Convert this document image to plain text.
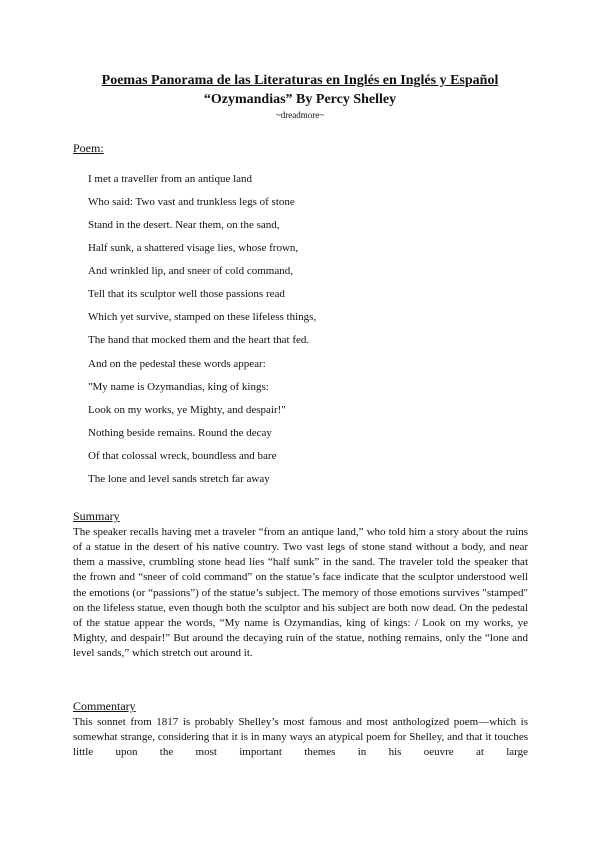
Poemas Panorama de las Literaturas en Inglés en Inglés y Español
“Ozymandias” By Percy Shelley
~dreadmore~
Poem:
I met a traveller from an antique land
Who said: Two vast and trunkless legs of stone
Stand in the desert. Near them, on the sand,
Half sunk, a shattered visage lies, whose frown,
And wrinkled lip, and sneer of cold command,
Tell that its sculptor well those passions read
Which yet survive, stamped on these lifeless things,
The hand that mocked them and the heart that fed.
And on the pedestal these words appear:
"My name is Ozymandias, king of kings:
Look on my works, ye Mighty, and despair!"
Nothing beside remains. Round the decay
Of that colossal wreck, boundless and bare
The lone and level sands stretch far away
Summary

The speaker recalls having met a traveler “from an antique land,” who told him a story about the ruins of a statue in the desert of his native country. Two vast legs of stone stand without a body, and near them a massive, crumbling stone head lies “half sunk” in the sand. The traveler told the speaker that the frown and “sneer of cold command” on the statue’s face indicate that the sculptor understood well the emotions (or “passions”) of the statue’s subject. The memory of those emotions survives "stamped" on the lifeless statue, even though both the sculptor and his subject are both now dead. On the pedestal of the statue appear the words, “My name is Ozymandias, king of kings: / Look on my works, ye Mighty, and despair!” But around the decaying ruin of the statue, nothing remains, only the “lone and level sands,” which stretch out around it.

Commentary

This sonnet from 1817 is probably Shelley’s most famous and most anthologized poem—which is somewhat strange, considering that it is in many ways an atypical poem for Shelley, and that it touches little upon the most important themes in his oeuvre at large
